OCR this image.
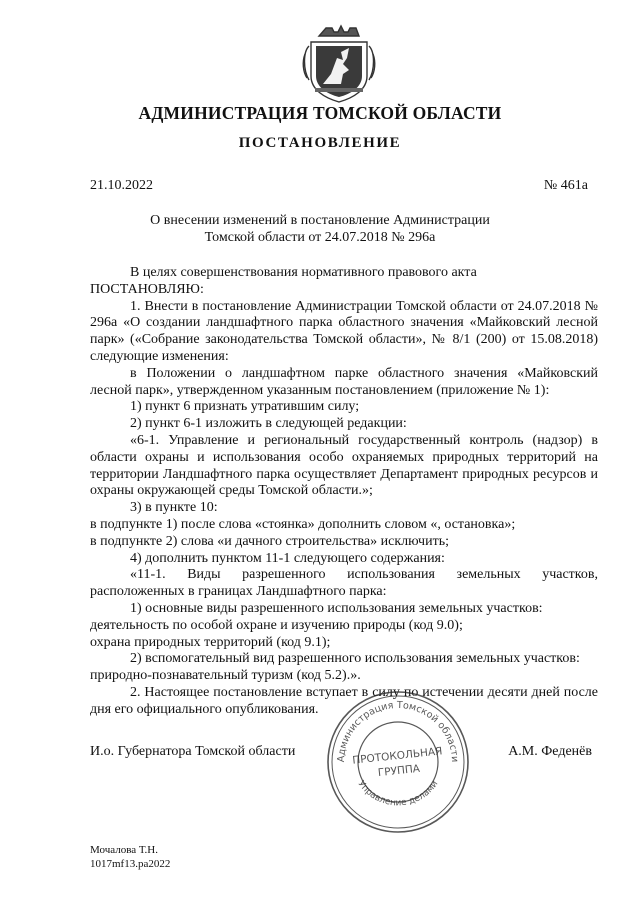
АДМИНИСТРАЦИЯ ТОМСКОЙ ОБЛАСТИ
ПОСТАНОВЛЕНИЕ
21.10.2022	№ 461а
О внесении изменений в постановление Администрации
Томской области от 24.07.2018 № 296а

В целях совершенствования нормативного правового акта

ПОСТАНОВЛЯЮ:

1. Внести в постановление Администрации Томской области от 24.07.2018 № 296а «О создании ландшафтного парка областного значения «Майковский лесной парк» («Собрание законодательства Томской области», № 8/1 (200) от 15.08.2018) следующие изменения:

в Положении о ландшафтном парке областного значения «Майковский лесной парк», утвержденном указанным постановлением (приложение № 1):

1) пункт 6 признать утратившим силу;

2) пункт 6-1 изложить в следующей редакции:

«6-1. Управление и региональный государственный контроль (надзор) в области охраны и использования особо охраняемых природных территорий на территории Ландшафтного парка осуществляет Департамент природных ресурсов и охраны окружающей среды Томской области.»;

3) в пункте 10:

в подпункте 1) после слова «стоянка» дополнить словом «, остановка»;

в подпункте 2) слова «и дачного строительства» исключить;

4) дополнить пунктом 11-1 следующего содержания:

«11-1. Виды разрешенного использования земельных участков,

расположенных в границах Ландшафтного парка:

1) основные виды разрешенного использования земельных участков:

деятельность по особой охране и изучению природы (код 9.0);

охрана природных территорий (код 9.1);

2) вспомогательный вид разрешенного использования земельных участков:

природно-познавательный туризм (код 5.2).».

2. Настоящее постановление вступает в силу по истечении десяти дней после дня его официального опубликования.

И.о. Губернатора Томской области	А.М. Феденёв
Администрация Томской области
Управление делами
ПРОТОКОЛЬНАЯ
ГРУППА
Мочалова Т.Н.
1017mf13.pa2022
